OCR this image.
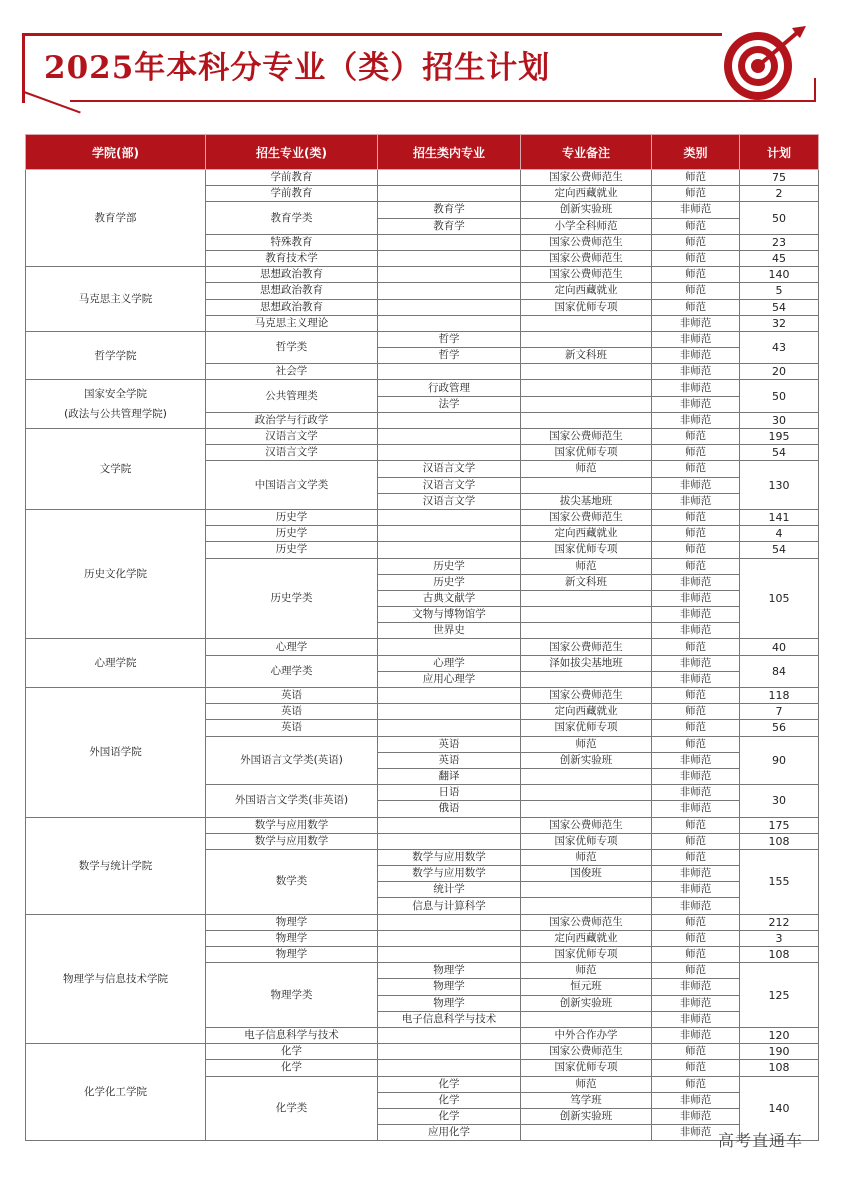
2025年本科分专业（类）招生计划
学院(部)	招生专业(类)	招生类内专业	专业备注	类别	计划

教育学部	学前教育		国家公费师范生	师范	75
	学前教育		定向西藏就业	师范	2
	教育学类	教育学	创新实验班	非师范	50
		教育学	小学全科师范	师范	
	特殊教育		国家公费师范生	师范	23
	教育技术学		国家公费师范生	师范	45

马克思主义学院	思想政治教育		国家公费师范生	师范	140
	思想政治教育		定向西藏就业	师范	5
	思想政治教育		国家优师专项	师范	54
	马克思主义理论			非师范	32

哲学学院	哲学类	哲学		非师范	43
		哲学	新文科班	非师范	
	社会学			非师范	20

国家安全学院
(政法与公共管理学院)	公共管理类	行政管理		非师范	50
		法学		非师范	
	政治学与行政学			非师范	30

文学院	汉语言文学		国家公费师范生	师范	195
	汉语言文学		国家优师专项	师范	54
	中国语言文学类	汉语言文学	师范	师范	130
		汉语言文学		非师范	
		汉语言文学	拔尖基地班	非师范	

历史文化学院	历史学		国家公费师范生	师范	141
	历史学		定向西藏就业	师范	4
	历史学		国家优师专项	师范	54
	历史学类	历史学	师范	师范	105
		历史学	新文科班	非师范	
		古典文献学		非师范	
		文物与博物馆学		非师范	
		世界史		非师范	

心理学院	心理学		国家公费师范生	师范	40
	心理学类	心理学	泽如拔尖基地班	非师范	84
		应用心理学		非师范	

外国语学院	英语		国家公费师范生	师范	118
	英语		定向西藏就业	师范	7
	英语		国家优师专项	师范	56
	外国语言文学类(英语)	英语	师范	师范	90
		英语	创新实验班	非师范	
		翻译		非师范	
	外国语言文学类(非英语)	日语		非师范	30
		俄语		非师范	

数学与统计学院	数学与应用数学		国家公费师范生	师范	175
	数学与应用数学		国家优师专项	师范	108
	数学类	数学与应用数学	师范	师范	155
		数学与应用数学	国俊班	非师范	
		统计学		非师范	
		信息与计算科学		非师范	

物理学与信息技术学院	物理学		国家公费师范生	师范	212
	物理学		定向西藏就业	师范	3
	物理学		国家优师专项	师范	108
	物理学类	物理学	师范	师范	125
		物理学	恒元班	非师范	
		物理学	创新实验班	非师范	
		电子信息科学与技术		非师范	
	电子信息科学与技术		中外合作办学	非师范	120

化学化工学院	化学		国家公费师范生	师范	190
	化学		国家优师专项	师范	108
	化学类	化学	师范	师范	140
		化学	笃学班	非师范	
		化学	创新实验班	非师范	
		应用化学		非师范	高考直通车
